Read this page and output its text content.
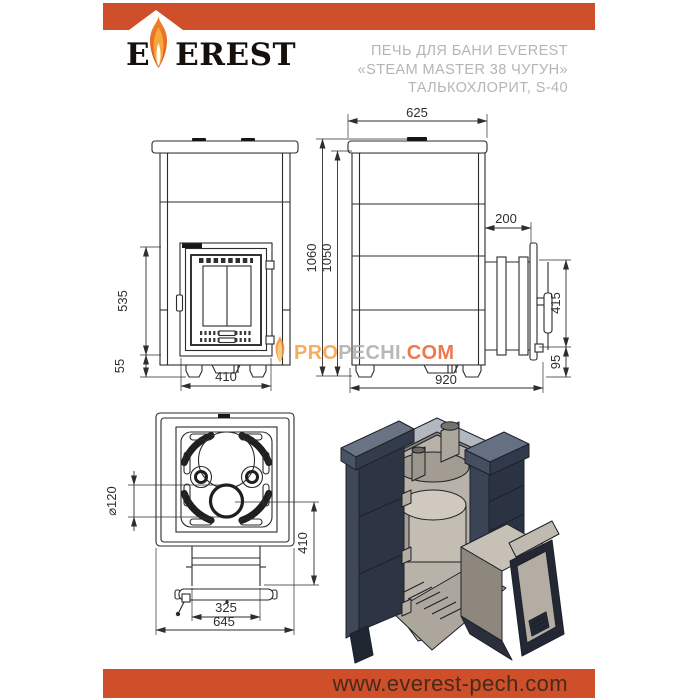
535
55
410
625
1060 1050
200
415
95
920
⌀120
410
325
645
E EREST	ПЕЧЬ ДЛЯ БАНИ EVEREST
«STEAM MASTER 38 ЧУГУН»
ТАЛЬКОХЛОРИТ, S-40
PRO PECHI. COM
www.everest-pech.com
